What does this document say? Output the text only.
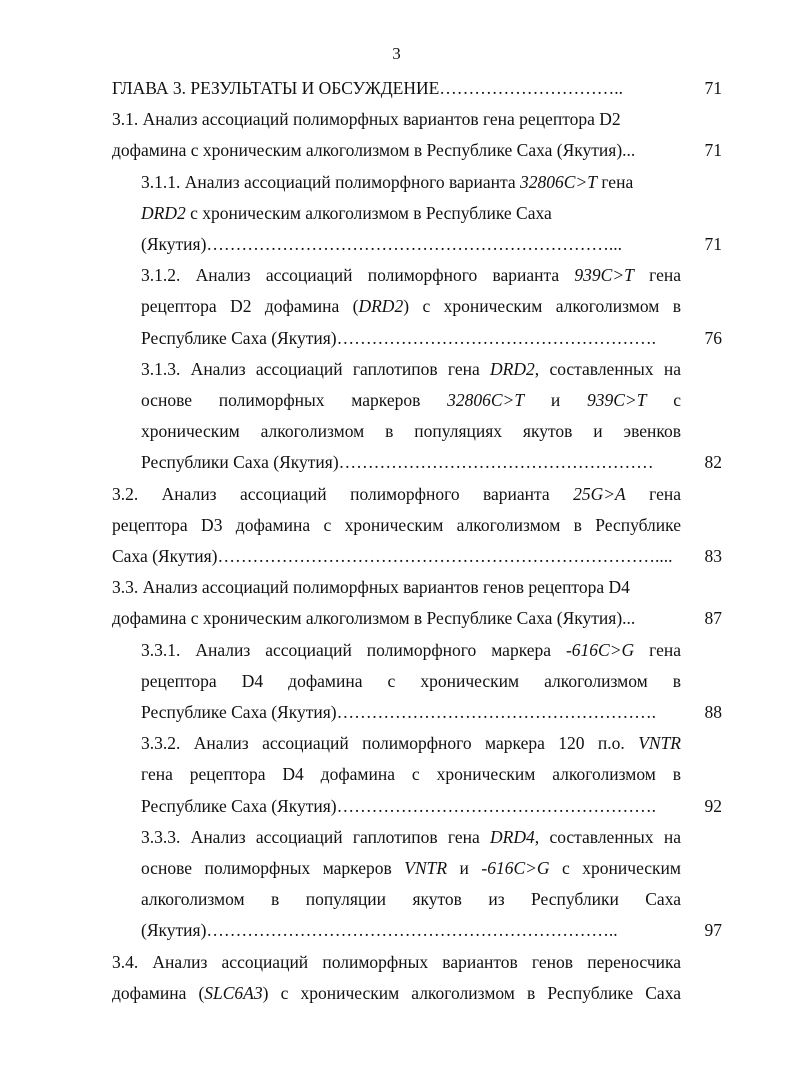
3
ГЛАВА 3. РЕЗУЛЬТАТЫ И ОБСУЖДЕНИЕ…………………………..	71
3.1. Анализ ассоциаций полиморфных вариантов гена рецептора D2
дофамина с хроническим алкоголизмом в Республике Саха (Якутия)...	71
3.1.1. Анализ ассоциаций полиморфного варианта 32806C>T гена
DRD2 с хроническим алкоголизмом в Республике Саха
(Якутия)……………………………………………………………...	71
3.1.2. Анализ ассоциаций полиморфного варианта 939C>T гена
рецептора D2 дофамина (DRD2) с хроническим алкоголизмом в
Республике Саха (Якутия)……………………………………………….	76
3.1.3. Анализ ассоциаций гаплотипов гена DRD2, составленных на
основе полиморфных маркеров 32806C>T и 939C>T с
хроническим алкоголизмом в популяциях якутов и эвенков
Республики Саха (Якутия)………………………………………………	82
3.2. Анализ ассоциаций полиморфного варианта 25G>A гена
рецептора D3 дофамина с хроническим алкоголизмом в Республике
Саха (Якутия)…………………………………………………………………....	83
3.3. Анализ ассоциаций полиморфных вариантов генов рецептора D4
дофамина с хроническим алкоголизмом в Республике Саха (Якутия)...	87
3.3.1. Анализ ассоциаций полиморфного маркера -616C>G гена
рецептора D4 дофамина с хроническим алкоголизмом в
Республике Саха (Якутия)……………………………………………….	88
3.3.2. Анализ ассоциаций полиморфного маркера 120 п.о. VNTR
гена рецептора D4 дофамина с хроническим алкоголизмом в
Республике Саха (Якутия)……………………………………………….	92
3.3.3. Анализ ассоциаций гаплотипов гена DRD4, составленных на
основе полиморфных маркеров VNTR и -616C>G с хроническим
алкоголизмом в популяции якутов из Республики Саха
(Якутия)……………………………………………………………..	97
3.4. Анализ ассоциаций полиморфных вариантов генов переносчика
дофамина (SLC6A3) с хроническим алкоголизмом в Республике Саха
